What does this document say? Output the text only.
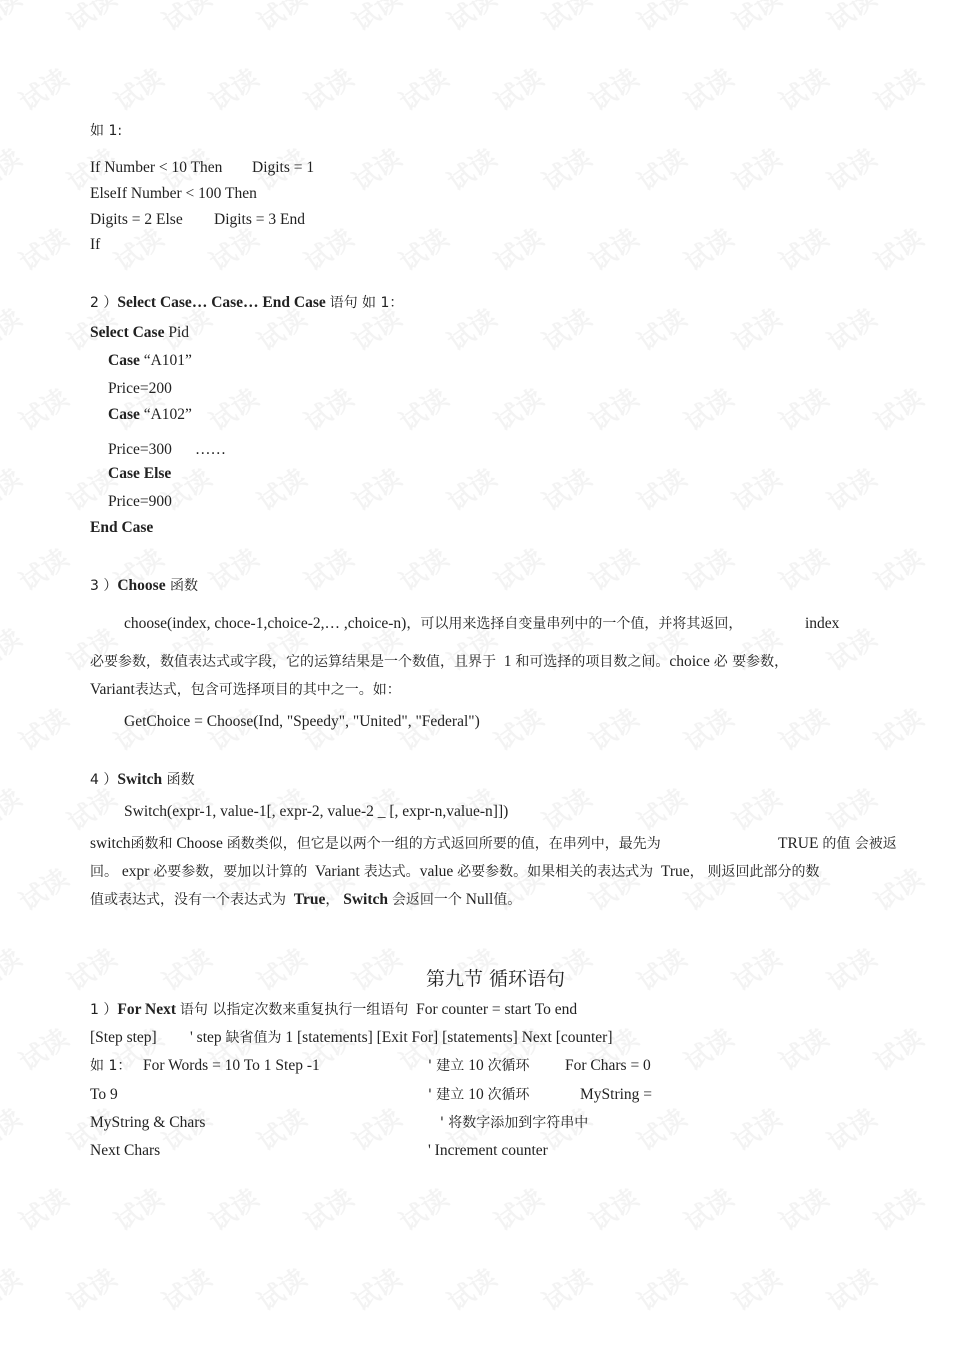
如 1:
If Number < 10 Then Digits = 1
ElseIf Number < 100 Then
Digits = 2 Else Digits = 3 End
If
2 ）Select Case… Case… End Case 语句 如 1：
Select Case Pid
Case “A101”
Price=200
Case “A102”
Price=300 ……
Case Else
Price=900
End Case
3 ）Choose 函数
choose(index, choce-1,choice-2,… ,choice-n)，可以用来选择自变量串列中的一个值，并将其返回，	index
必要参数，数值表达式或字段，它的运算结果是一个数值，且界于 1 和可选择的项目数之间。choice 必 要参数，
Variant表达式，包含可选择项目的其中之一。如：
GetChoice = Choose(Ind, "Speedy", "United", "Federal")
4 ）Switch 函数
Switch(expr-1, value-1[, expr-2, value-2 _ [, expr-n,value-n]])
switch函数和 Choose 函数类似，但它是以两个一组的方式返回所要的值，在串列中，最先为	TRUE 的值 会被返
回。 expr 必要参数，要加以计算的 Variant 表达式。value 必要参数。如果相关的表达式为 True， 则返回此部分的数
值或表达式，没有一个表达式为 True， Switch 会返回一个 Null值。
第九节 循环语句
1 ）For Next 语句 以指定次数来重复执行一组语句 For counter = start To end
[Step step] ' step 缺省值为 1 [statements] [Exit For] [statements] Next [counter]
如 1： For Words = 10 To 1 Step -1	' 建立 10 次循环 For Chars = 0
To 9	' 建立 10 次循环	MyString =
MyString & Chars	' 将数字添加到字符串中
Next Chars	' Increment counter
